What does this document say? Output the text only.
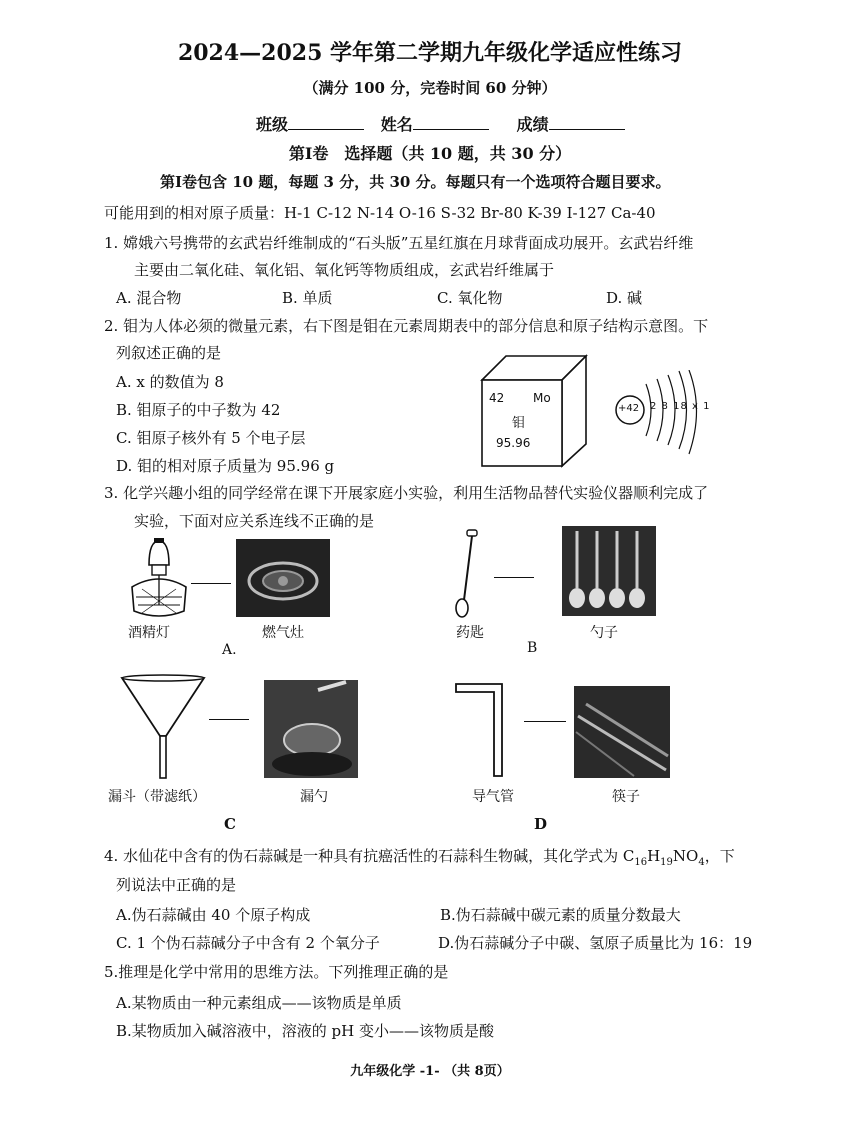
2024—2025 学年第二学期九年级化学适应性练习
（满分 100 分，完卷时间 60 分钟）
班级	姓名	成绩
第Ⅰ卷　选择题（共 10 题，共 30 分）
第Ⅰ卷包含 10 题，每题 3 分，共 30 分。每题只有一个选项符合题目要求。
可能用到的相对原子质量：H-1 C-12 N-14 O-16 S-32 Br-80 K-39 I-127 Ca-40
1. 嫦娥六号携带的玄武岩纤维制成的“石头版”五星红旗在月球背面成功展开。玄武岩纤维
主要由二氧化硅、氧化铝、氧化钙等物质组成，玄武岩纤维属于
A. 混合物	B. 单质	C. 氧化物	D. 碱
2. 钼为人体必须的微量元素，右下图是钼在元素周期表中的部分信息和原子结构示意图。下
列叙述正确的是
A. x 的数值为 8
B. 钼原子的中子数为 42
C. 钼原子核外有 5 个电子层
D. 钼的相对原子质量为 95.96 g
42 Mo
钼
95.96
+42 2 8 18 x 1
3. 化学兴趣小组的同学经常在课下开展家庭小实验，利用生活物品替代实验仪器顺利完成了
实验，下面对应关系连线不正确的是
酒精灯	燃气灶
A.
药匙	勺子
B
漏斗（带滤纸）	漏勺
C
导气管	筷子
D
4. 水仙花中含有的伪石蒜碱是一种具有抗癌活性的石蒜科生物碱，其化学式为 $C_{16}H_{19}NO_4$，下
列说法中正确的是
A.伪石蒜碱由 40 个原子构成	B.伪石蒜碱中碳元素的质量分数最大
C. 1 个伪石蒜碱分子中含有 2 个氧分子	D.伪石蒜碱分子中碳、氢原子质量比为 16：19
5.推理是化学中常用的思维方法。下列推理正确的是
A.某物质由一种元素组成——该物质是单质
B.某物质加入碱溶液中，溶液的 pH 变小——该物质是酸
九年级化学 -1- （共 8页）
